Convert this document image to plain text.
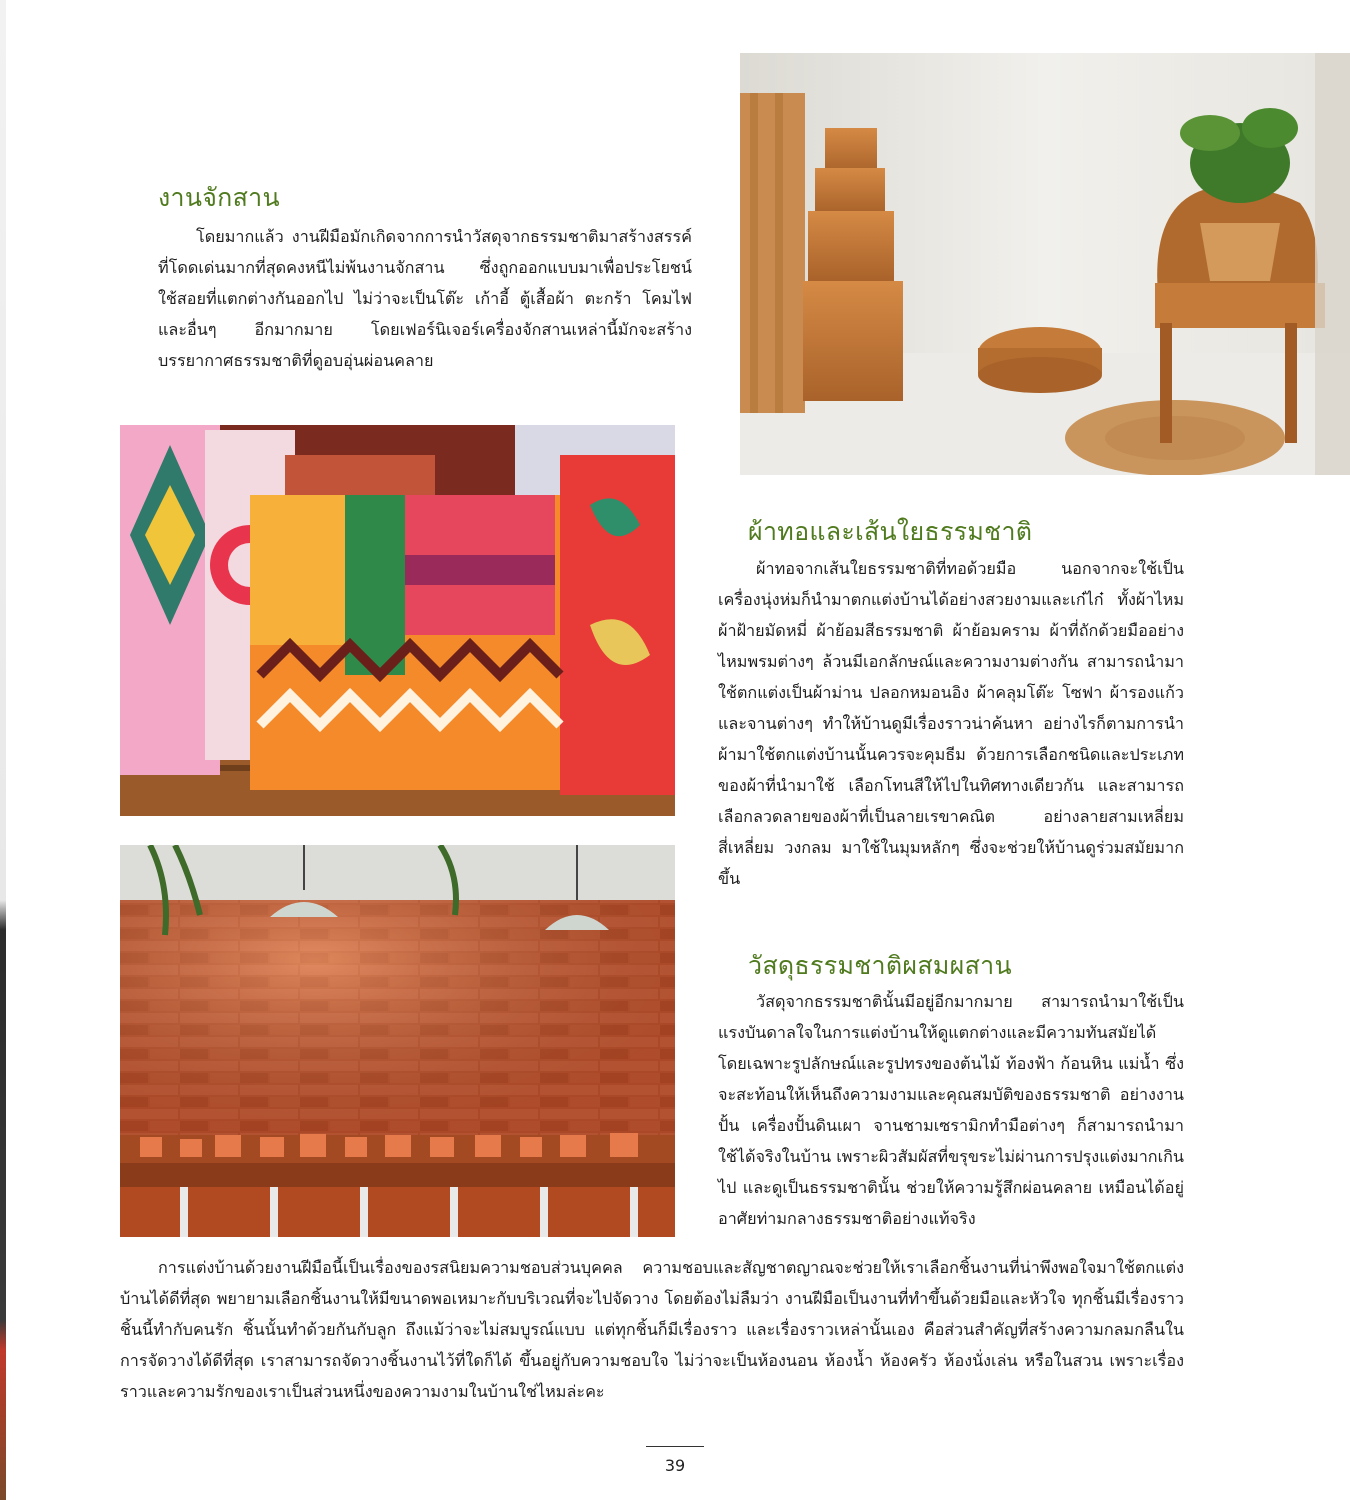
งานจักสาน

โดยมากแล้ว งานฝีมือมักเกิดจากการนำวัสดุจากธรรมชาติมาสร้างสรรค์ ที่โดดเด่นมากที่สุดคงหนีไม่พ้นงานจักสาน ซึ่งถูกออกแบบมาเพื่อประโยชน์ใช้สอยที่แตกต่างกันออกไป ไม่ว่าจะเป็นโต๊ะ เก้าอี้ ตู้เสื้อผ้า ตะกร้า โคมไฟ และอื่นๆ อีกมากมาย โดยเฟอร์นิเจอร์เครื่องจักสานเหล่านี้มักจะสร้างบรรยากาศธรรมชาติที่ดูอบอุ่นผ่อนคลาย

ผ้าทอและเส้นใยธรรมชาติ

ผ้าทอจากเส้นใยธรรมชาติที่ทอด้วยมือ นอกจากจะใช้เป็นเครื่องนุ่งห่มก็นำมาตกแต่งบ้านได้อย่างสวยงามและเก๋ไก๋ ทั้งผ้าไหม ผ้าฝ้ายมัดหมี่ ผ้าย้อมสีธรรมชาติ ผ้าย้อมคราม ผ้าที่ถักด้วยมืออย่างไหมพรมต่างๆ ล้วนมีเอกลักษณ์และความงามต่างกัน สามารถนำมาใช้ตกแต่งเป็นผ้าม่าน ปลอกหมอนอิง ผ้าคลุมโต๊ะ โซฟา ผ้ารองแก้วและจานต่างๆ ทำให้บ้านดูมีเรื่องราวน่าค้นหา อย่างไรก็ตามการนำผ้ามาใช้ตกแต่งบ้านนั้นควรจะคุมธีม ด้วยการเลือกชนิดและประเภทของผ้าที่นำมาใช้ เลือกโทนสีให้ไปในทิศทางเดียวกัน และสามารถเลือกลวดลายของผ้าที่เป็นลายเรขาคณิต อย่างลายสามเหลี่ยม สี่เหลี่ยม วงกลม มาใช้ในมุมหลักๆ ซึ่งจะช่วยให้บ้านดูร่วมสมัยมากขึ้น

วัสดุธรรมชาติผสมผสาน

วัสดุจากธรรมชาตินั้นมีอยู่อีกมากมาย สามารถนำมาใช้เป็นแรงบันดาลใจในการแต่งบ้านให้ดูแตกต่างและมีความทันสมัยได้ โดยเฉพาะรูปลักษณ์และรูปทรงของต้นไม้ ท้องฟ้า ก้อนหิน แม่น้ำ ซึ่งจะสะท้อนให้เห็นถึงความงามและคุณสมบัติของธรรมชาติ อย่างงานปั้น เครื่องปั้นดินเผา จานชามเซรามิกทำมือต่างๆ ก็สามารถนำมาใช้ได้จริงในบ้าน เพราะผิวสัมผัสที่ขรุขระไม่ผ่านการปรุงแต่งมากเกินไป และดูเป็นธรรมชาตินั้น ช่วยให้ความรู้สึกผ่อนคลาย เหมือนได้อยู่อาศัยท่ามกลางธรรมชาติอย่างแท้จริง

การแต่งบ้านด้วยงานฝีมือนี้เป็นเรื่องของรสนิยมความชอบส่วนบุคคล ความชอบและสัญชาตญาณจะช่วยให้เราเลือกชิ้นงานที่น่าพึงพอใจมาใช้ตกแต่งบ้านได้ดีที่สุด พยายามเลือกชิ้นงานให้มีขนาดพอเหมาะกับบริเวณที่จะไปจัดวาง โดยต้องไม่ลืมว่า งานฝีมือเป็นงานที่ทำขึ้นด้วยมือและหัวใจ ทุกชิ้นมีเรื่องราว ชิ้นนี้ทำกับคนรัก ชิ้นนั้นทำด้วยกันกับลูก ถึงแม้ว่าจะไม่สมบูรณ์แบบ แต่ทุกชิ้นก็มีเรื่องราว และเรื่องราวเหล่านั้นเอง คือส่วนสำคัญที่สร้างความกลมกลืนในการจัดวางได้ดีที่สุด เราสามารถจัดวางชิ้นงานไว้ที่ใดก็ได้ ขึ้นอยู่กับความชอบใจ ไม่ว่าจะเป็นห้องนอน ห้องน้ำ ห้องครัว ห้องนั่งเล่น หรือในสวน เพราะเรื่องราวและความรักของเราเป็นส่วนหนึ่งของความงามในบ้านใช่ไหมล่ะคะ

39
